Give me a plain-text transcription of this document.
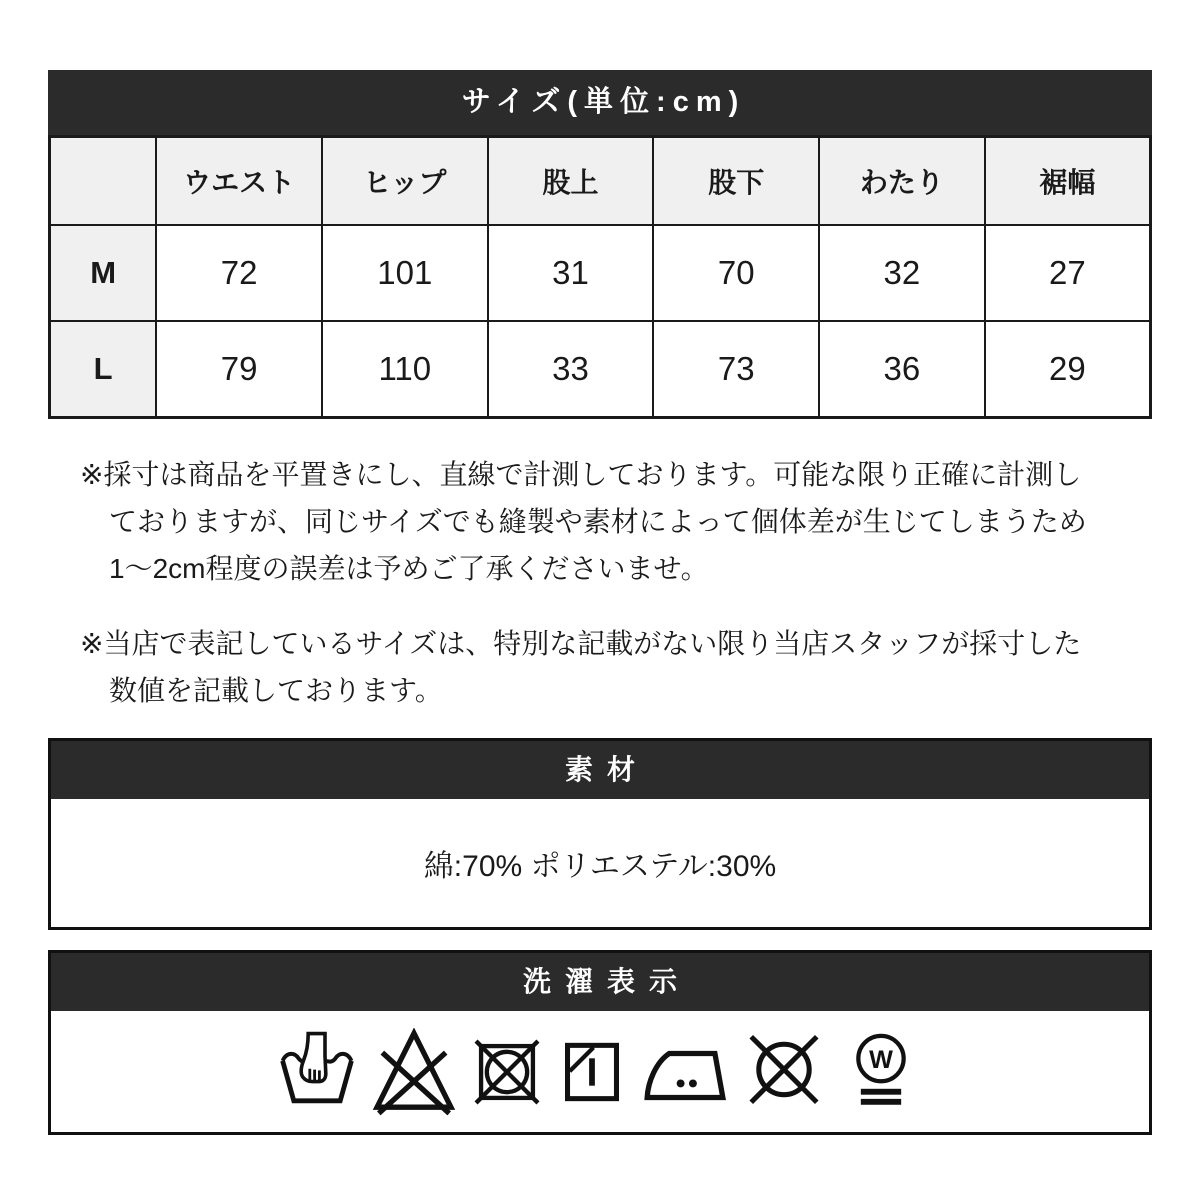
サイズ(単位:cm)
	ウエスト	ヒップ	股上	股下	わたり	裾幅
M	72	101	31	70	32	27
L	79	110	33	73	36	29
※採寸は商品を平置きにし、直線で計測しております。可能な限り正確に計測し
ておりますが、同じサイズでも縫製や素材によって個体差が生じてしまうため
1〜2cm程度の誤差は予めご了承くださいませ。
※当店で表記しているサイズは、特別な記載がない限り当店スタッフが採寸した
数値を記載しております。
素材
綿:70% ポリエステル:30%
洗濯表示
W
